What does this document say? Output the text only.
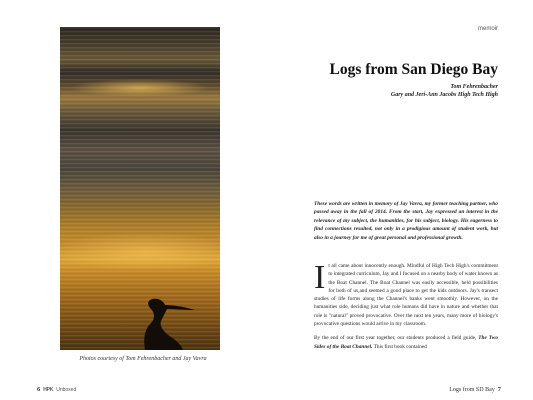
Photos courtesy of Tom Fehrenbacher and Jay Vavra
6 HPK Unboxed
memoir
Logs from San Diego Bay
Tom Fehrenbacher
Gary and Jeri-Ann Jacobs High Tech High
These words are written in memory of Jay Vavra, my former teaching partner, who passed away in the fall of 2014. From the start, Jay expressed an interest in the relevance of my subject, the humanities, for his subject, biology. His eagerness to find connections resulted, not only in a prodigious amount of student work, but also in a journey for me of great personal and professional growth.

It all came about innocently enough. Mindful of High Tech High's commitment to integrated curriculum, Jay and I focused on a nearby body of water known as the Boat Channel. The Boat Channel was easily accessible, held possibilities for both of us,and seemed a good place to get the kids outdoors. Jay's transect studies of life forms along the Channel's banks went smoothly. However, on the humanities side, deciding just what role humans did have in nature and whether that role is "natural" proved provocative. Over the next ten years, many more of biology's provocative questions would arrive in my classroom.

By the end of our first year together, our students produced a field guide, The Two Sides of the Boat Channel. This first book contained

Logs from SD Bay 7
